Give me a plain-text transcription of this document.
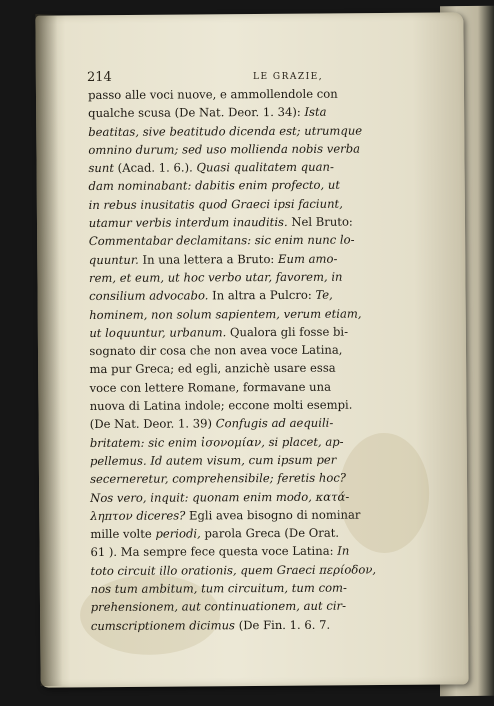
214	LE GRAZIE,
passo alle voci nuove, e ammollendole con
qualche scusa (De Nat. Deor. 1. 34): Ista
beatitas, sive beatitudo dicenda est; utrumque
omnino durum; sed uso mollienda nobis verba
sunt (Acad. 1. 6.). Quasi qualitatem quan-
dam nominabant: dabitis enim profecto, ut
in rebus inusitatis quod Graeci ipsi faciunt,
utamur verbis interdum inauditis. Nel Bruto:
Commentabar declamitans: sic enim nunc lo-
quuntur. In una lettera a Bruto: Eum amo-
rem, et eum, ut hoc verbo utar, favorem, in
consilium advocabo. In altra a Pulcro: Te,
hominem, non solum sapientem, verum etiam,
ut loquuntur, urbanum. Qualora gli fosse bi-
sognato dir cosa che non avea voce Latina,
ma pur Greca; ed egli, anzichè usare essa
voce con lettere Romane, formavane una
nuova di Latina indole; eccone molti esempi.
(De Nat. Deor. 1. 39) Confugis ad aequili-
britatem: sic enim ἰσονομίαν, si placet, ap-
pellemus. Id autem visum, cum ipsum per
secerneretur, comprehensibile; feretis hoc?
Nos vero, inquit: quonam enim modo, κατά-
ληπτον diceres? Egli avea bisogno di nominar
mille volte periodi, parola Greca (De Orat.
61 ). Ma sempre fece questa voce Latina: In
toto circuit illo orationis, quem Graeci περίοδον,
nos tum ambitum, tum circuitum, tum com-
prehensionem, aut continuationem, aut cir-
cumscriptionem dicimus (De Fin. 1. 6. 7.
